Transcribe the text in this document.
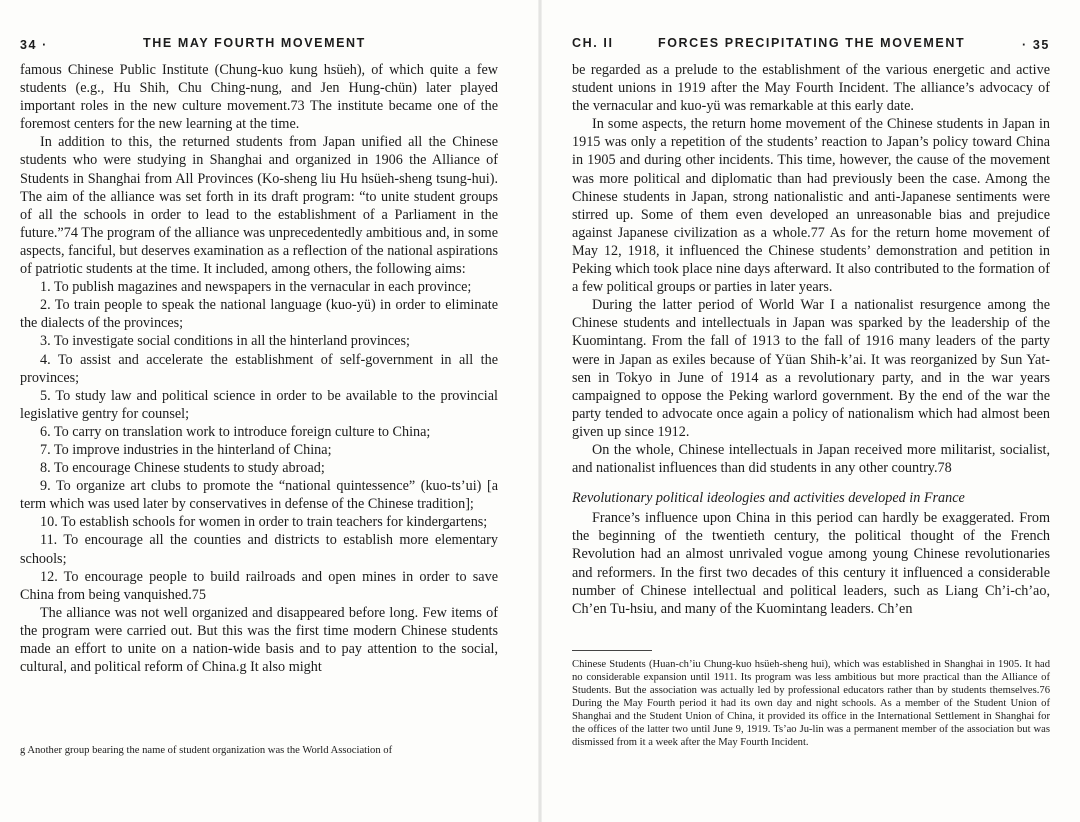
34 ·	THE MAY FOURTH MOVEMENT

famous Chinese Public Institute (Chung-kuo kung hsüeh), of which quite a few students (e.g., Hu Shih, Chu Ching-nung, and Jen Hung-chün) later played important roles in the new culture movement.73 The institute became one of the foremost centers for the new learning at the time.

In addition to this, the returned students from Japan unified all the Chinese students who were studying in Shanghai and organized in 1906 the Alliance of Students in Shanghai from All Provinces (Ko-sheng liu Hu hsüeh-sheng tsung-hui). The aim of the alliance was set forth in its draft program: “to unite student groups of all the schools in order to lead to the establishment of a Parliament in the future.”74 The program of the alliance was unprecedentedly ambitious and, in some aspects, fanciful, but deserves examination as a reflection of the national aspirations of patriotic students at the time. It included, among others, the following aims:

1. To publish magazines and newspapers in the vernacular in each province;

2. To train people to speak the national language (kuo-yü) in order to eliminate the dialects of the provinces;

3. To investigate social conditions in all the hinterland provinces;

4. To assist and accelerate the establishment of self-government in all the provinces;

5. To study law and political science in order to be available to the provincial legislative gentry for counsel;

6. To carry on translation work to introduce foreign culture to China;

7. To improve industries in the hinterland of China;

8. To encourage Chinese students to study abroad;

9. To organize art clubs to promote the “national quintessence” (kuo-ts’ui) [a term which was used later by conservatives in defense of the Chinese tradition];

10. To establish schools for women in order to train teachers for kindergartens;

11. To encourage all the counties and districts to establish more elementary schools;

12. To encourage people to build railroads and open mines in order to save China from being vanquished.75

The alliance was not well organized and disappeared before long. Few items of the program were carried out. But this was the first time modern Chinese students made an effort to unite on a nation-wide basis and to pay attention to the social, cultural, and political reform of China.g It also might

g Another group bearing the name of student organization was the World Association of
CH. II	FORCES PRECIPITATING THE MOVEMENT	· 35

be regarded as a prelude to the establishment of the various energetic and active student unions in 1919 after the May Fourth Incident. The alliance’s advocacy of the vernacular and kuo-yü was remarkable at this early date.

In some aspects, the return home movement of the Chinese students in Japan in 1915 was only a repetition of the students’ reaction to Japan’s policy toward China in 1905 and during other incidents. This time, however, the cause of the movement was more political and diplomatic than had previously been the case. Among the Chinese students in Japan, strong nationalistic and anti-Japanese sentiments were stirred up. Some of them even developed an unreasonable bias and prejudice against Japanese civilization as a whole.77 As for the return home movement of May 12, 1918, it influenced the Chinese students’ demonstration and petition in Peking which took place nine days afterward. It also contributed to the formation of a few political groups or parties in later years.

During the latter period of World War I a nationalist resurgence among the Chinese students and intellectuals in Japan was sparked by the leadership of the Kuomintang. From the fall of 1913 to the fall of 1916 many leaders of the party were in Japan as exiles because of Yüan Shih-k’ai. It was reorganized by Sun Yat-sen in Tokyo in June of 1914 as a revolutionary party, and in the war years campaigned to oppose the Peking warlord government. By the end of the war the party tended to advocate once again a policy of nationalism which had almost been given up since 1912.

On the whole, Chinese intellectuals in Japan received more militarist, socialist, and nationalist influences than did students in any other country.78

Revolutionary political ideologies and activities developed in France

France’s influence upon China in this period can hardly be exaggerated. From the beginning of the twentieth century, the political thought of the French Revolution had an almost unrivaled vogue among young Chinese revolutionaries and reformers. In the first two decades of this century it influenced a considerable number of Chinese intellectual and political leaders, such as Liang Ch’i-ch’ao, Ch’en Tu-hsiu, and many of the Kuomintang leaders. Ch’en

Chinese Students (Huan-ch’iu Chung-kuo hsüeh-sheng hui), which was established in Shanghai in 1905. It had no considerable expansion until 1911. Its program was less ambitious but more practical than the Alliance of Students. But the association was actually led by professional educators rather than by students themselves.76 During the May Fourth period it had its own day and night schools. As a member of the Student Union of Shanghai and the Student Union of China, it provided its office in the International Settlement in Shanghai for the offices of the latter two until June 9, 1919. Ts’ao Ju-lin was a permanent member of the association but was dismissed from it a week after the May Fourth Incident.
